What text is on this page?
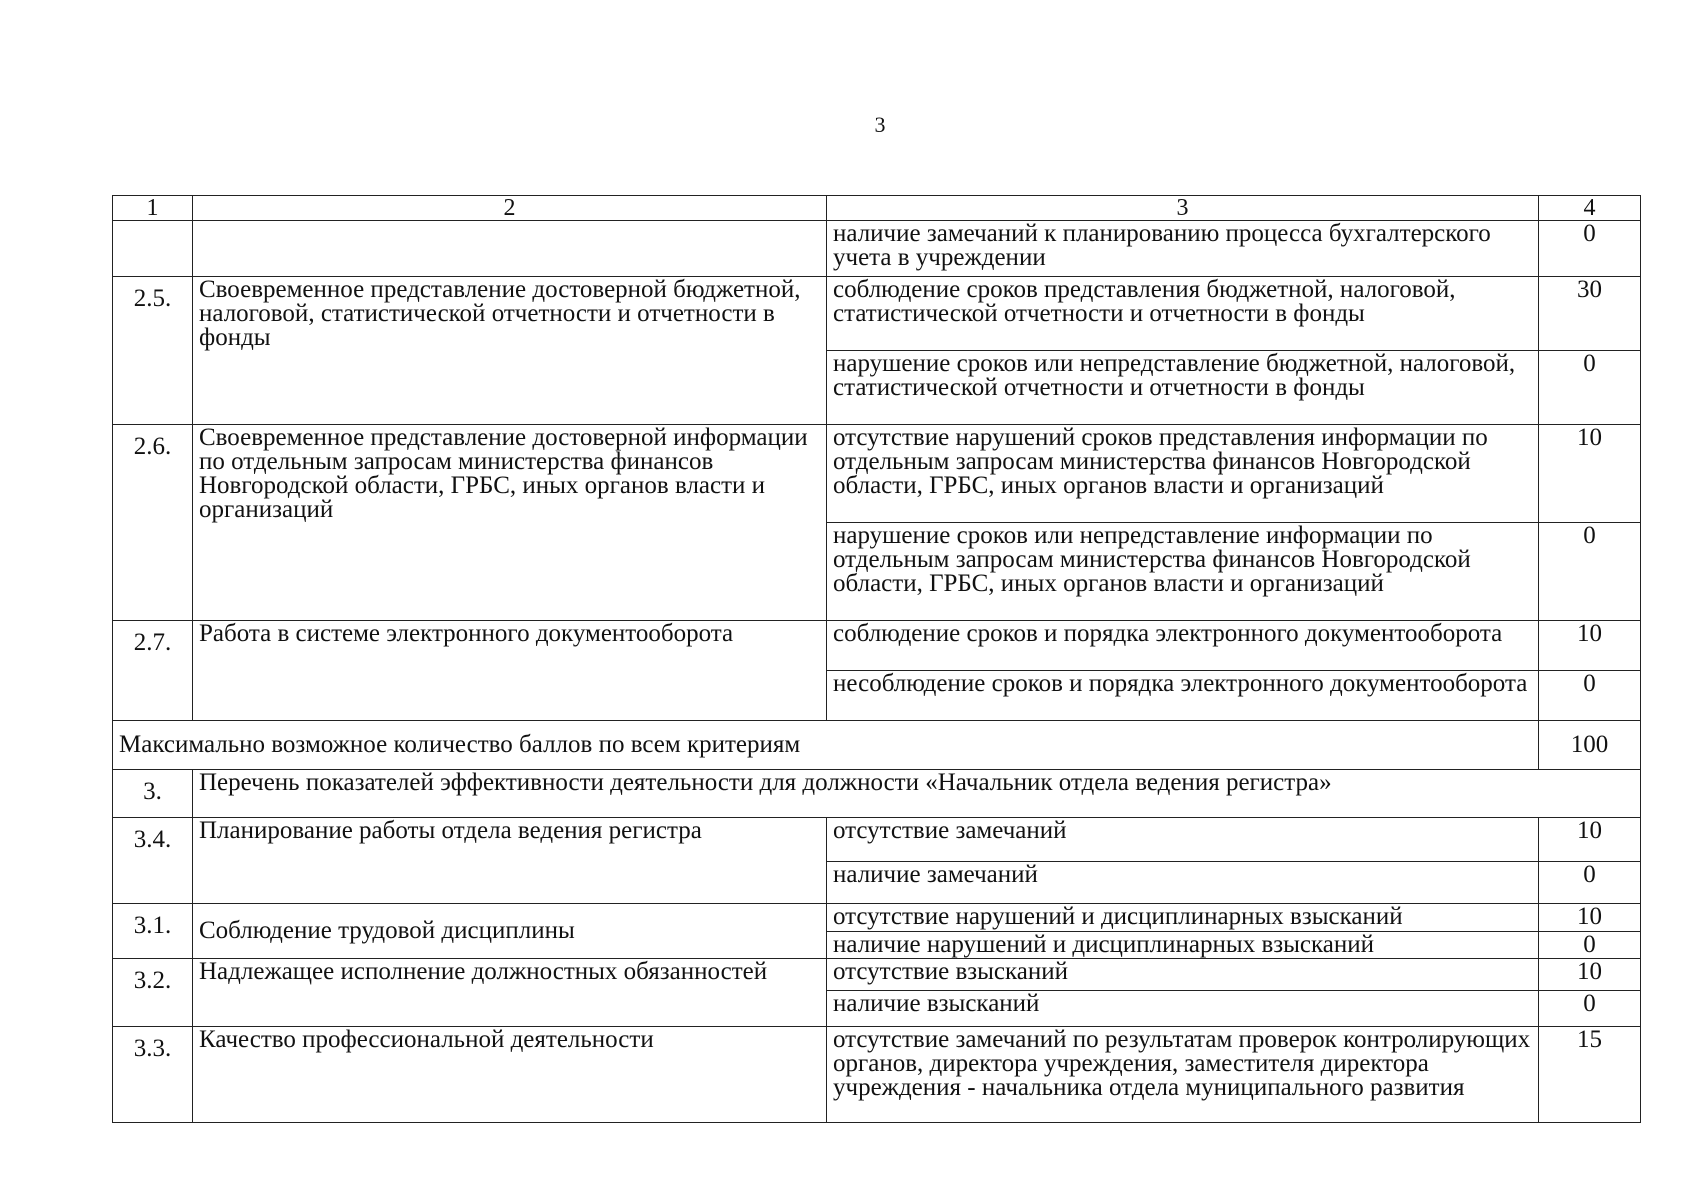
3
1	2	3	4
		наличие замечаний к планированию процесса бухгалтерского учета в учреждении	0
2.5.	Своевременное представление достоверной бюджетной, налоговой, статистической отчетности и отчетности в фонды	соблюдение сроков представления бюджетной, налоговой, статистической отчетности и отчетности в фонды	30
		нарушение сроков или непредставление бюджетной, налоговой, статистической отчетности и отчетности в фонды	0
2.6.	Своевременное представление достоверной информации по отдельным запросам министерства финансов Новгородской области, ГРБС, иных органов власти и организаций	отсутствие нарушений сроков представления информации по отдельным запросам министерства финансов Новгородской области, ГРБС, иных органов власти и организаций	10
		нарушение сроков или непредставление информации по отдельным запросам министерства финансов Новгородской области, ГРБС, иных органов власти и организаций	0
2.7.	Работа в системе электронного документооборота	соблюдение сроков и порядка электронного документооборота	10
		несоблюдение сроков и порядка электронного документооборота	0
Максимально возможное количество баллов по всем критериям			100
3.	Перечень показателей эффективности деятельности для должности «Начальник отдела ведения регистра»		
3.4.	Планирование работы отдела ведения регистра	отсутствие замечаний	10
		наличие замечаний	0
3.1.	Соблюдение трудовой дисциплины	отсутствие нарушений и дисциплинарных взысканий	10
		наличие нарушений и дисциплинарных взысканий	0
3.2.	Надлежащее исполнение должностных обязанностей	отсутствие взысканий	10
		наличие взысканий	0
3.3.	Качество профессиональной деятельности	отсутствие замечаний по результатам проверок контролирующих органов, директора учреждения, заместителя директора учреждения - начальника отдела муниципального развития	15
